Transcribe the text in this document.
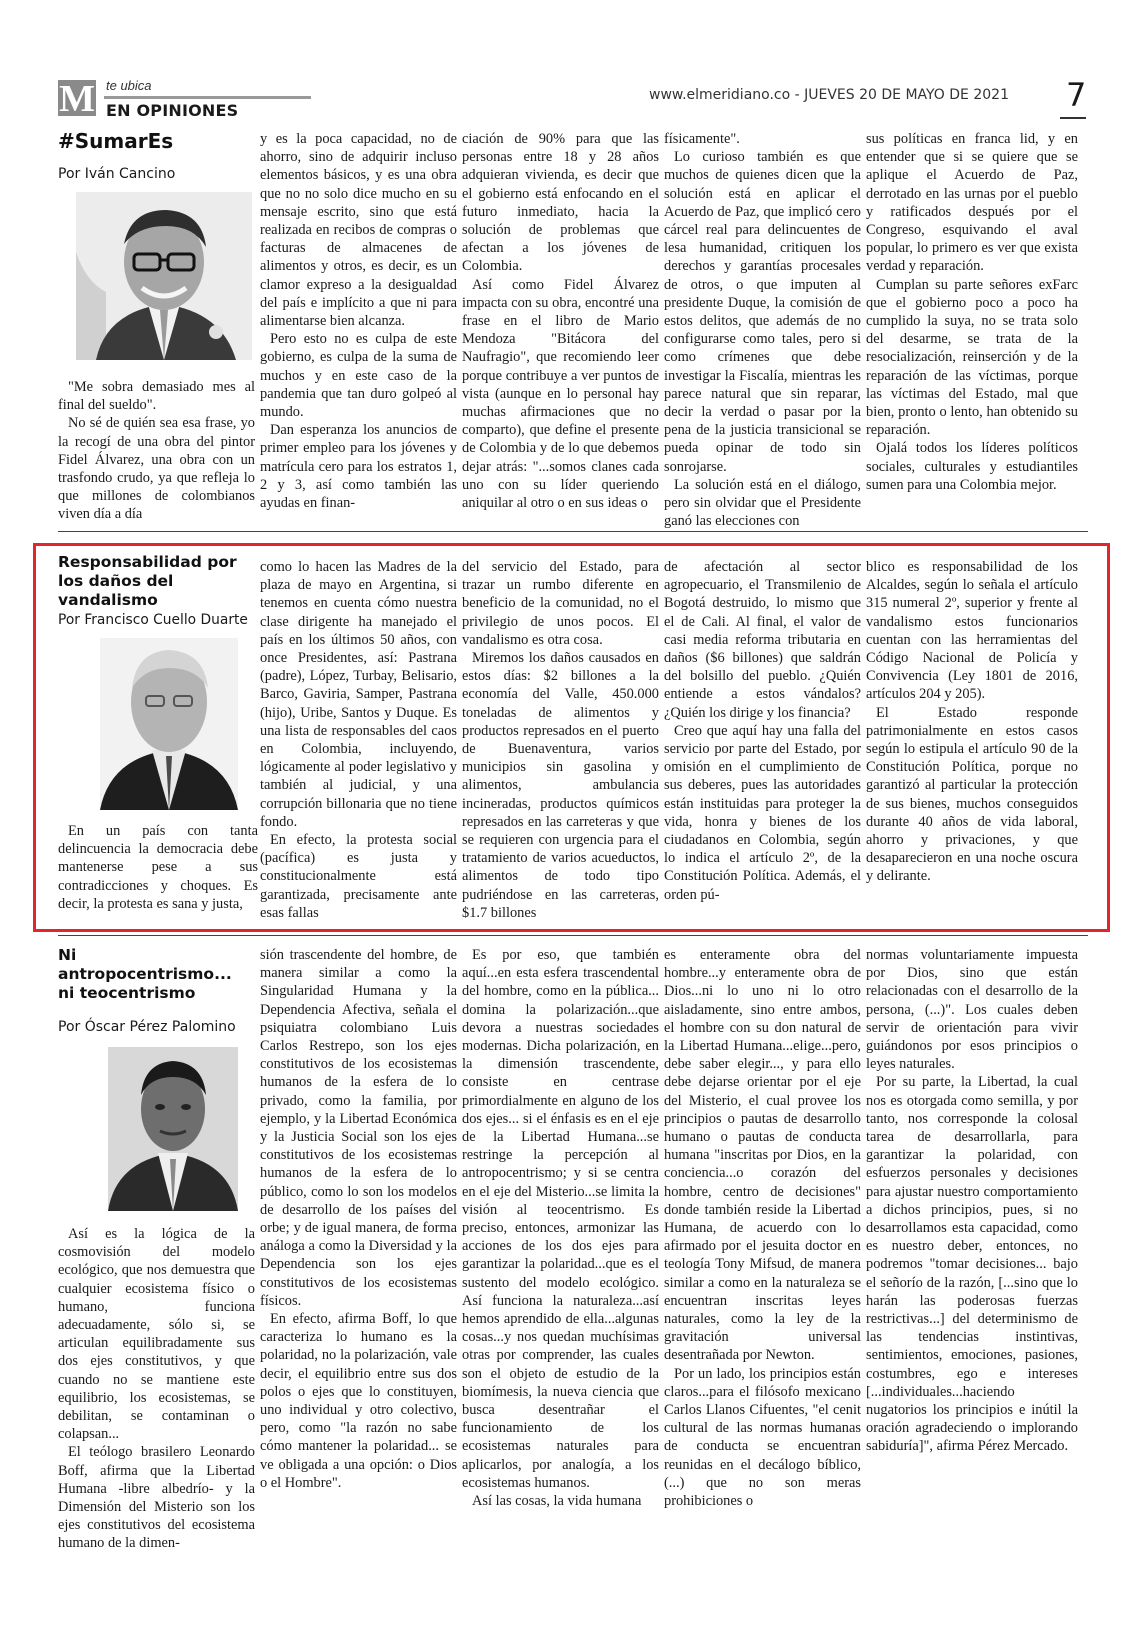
M te ubica
EN OPINIONES
www.elmeridiano.co - JUEVES 20 DE MAYO DE 2021 7
#SumarEs
Por Iván Cancino

"Me sobra demasiado mes al final del sueldo".

No sé de quién sea esa frase, yo la recogí de una obra del pintor Fidel Álvarez, una obra con un trasfondo crudo, ya que refleja lo que millones de colombianos viven día a día

y es la poca capacidad, no de ahorro, sino de adquirir incluso elementos básicos, y es una obra que no no solo dice mucho en su mensaje escrito, sino que está realizada en recibos de compras o facturas de almacenes de alimentos y otros, es decir, es un clamor expreso a la desigualdad del país e implícito a que ni para alimentarse bien alcanza.

Pero esto no es culpa de este gobierno, es culpa de la suma de muchos y en este caso de la pandemia que tan duro golpeó al mundo.

Dan esperanza los anuncios de primer empleo para los jóvenes y matrícula cero para los estratos 1, 2 y 3, así como también las ayudas en finan-

ciación de 90% para que las personas entre 18 y 28 años adquieran vivienda, es decir que el gobierno está enfocando en el futuro inmediato, hacia la solución de problemas que afectan a los jóvenes de Colombia.

Así como Fidel Álvarez impacta con su obra, encontré una frase en el libro de Mario Mendoza "Bitácora del Naufragio", que recomiendo leer porque contribuye a ver puntos de vista (aunque en lo personal hay muchas afirmaciones que no comparto), que define el presente de Colombia y de lo que debemos dejar atrás: "...somos clanes cada uno con su líder queriendo aniquilar al otro o en sus ideas o

físicamente".

Lo curioso también es que muchos de quienes dicen que la solución está en aplicar el Acuerdo de Paz, que implicó cero cárcel real para delincuentes de lesa humanidad, critiquen los derechos y garantías procesales de otros, o que imputen al presidente Duque, la comisión de estos delitos, que además de no configurarse como tales, pero si como crímenes que debe investigar la Fiscalía, mientras les parece natural que sin reparar, decir la verdad o pasar por la pena de la justicia transicional se pueda opinar de todo sin sonrojarse.

La solución está en el diálogo, pero sin olvidar que el Presidente ganó las elecciones con

sus políticas en franca lid, y en entender que si se quiere que se aplique el Acuerdo de Paz, derrotado en las urnas por el pueblo y ratificados después por el Congreso, esquivando el aval popular, lo primero es ver que exista verdad y reparación.

Cumplan su parte señores exFarc que el gobierno poco a poco ha cumplido la suya, no se trata solo del desarme, se trata de la resocialización, reinserción y de la reparación de las víctimas, porque las víctimas del Estado, mal que bien, pronto o lento, han obtenido su reparación.

Ojalá todos los líderes políticos sociales, culturales y estudiantiles sumen para una Colombia mejor.

Responsabilidad por los daños del vandalismo
Por Francisco Cuello Duarte

En un país con tanta delincuencia la democracia debe mantenerse pese a sus contradicciones y choques. Es decir, la protesta es sana y justa,

como lo hacen las Madres de la plaza de mayo en Argentina, si tenemos en cuenta cómo nuestra clase dirigente ha manejado el país en los últimos 50 años, con once Presidentes, así: Pastrana (padre), López, Turbay, Belisario, Barco, Gaviria, Samper, Pastrana (hijo), Uribe, Santos y Duque. Es una lista de responsables del caos en Colombia, incluyendo, lógicamente al poder legislativo y también al judicial, y una corrupción billonaria que no tiene fondo.

En efecto, la protesta social (pacífica) es justa y constitucionalmente está garantizada, precisamente ante esas fallas

del servicio del Estado, para trazar un rumbo diferente en beneficio de la comunidad, no el privilegio de unos pocos. El vandalismo es otra cosa.

Miremos los daños causados en estos días: $2 billones a la economía del Valle, 450.000 toneladas de alimentos y productos represados en el puerto de Buenaventura, varios municipios sin gasolina y alimentos, ambulancia incineradas, productos químicos represados en las carreteras y que se requieren con urgencia para el tratamiento de varios acueductos, alimentos de todo tipo pudriéndose en las carreteras, $1.7 billones

de afectación al sector agropecuario, el Transmilenio de Bogotá destruido, lo mismo que el de Cali. Al final, el valor de casi media reforma tributaria en daños ($6 billones) que saldrán del bolsillo del pueblo. ¿Quién entiende a estos vándalos? ¿Quién los dirige y los financia?

Creo que aquí hay una falla del servicio por parte del Estado, por omisión en el cumplimiento de sus deberes, pues las autoridades están instituidas para proteger la vida, honra y bienes de los ciudadanos en Colombia, según lo indica el artículo 2º, de la Constitución Política. Además, el orden pú-

blico es responsabilidad de los Alcaldes, según lo señala el artículo 315 numeral 2º, superior y frente al vandalismo estos funcionarios cuentan con las herramientas del Código Nacional de Policía y Convivencia (Ley 1801 de 2016, artículos 204 y 205).

El Estado responde patrimonialmente en estos casos según lo estipula el artículo 90 de la Constitución Política, porque no garantizó al particular la protección de sus bienes, muchos conseguidos durante 40 años de vida laboral, ahorro y privaciones, y que desaparecieron en una noche oscura y delirante.

Ni antropocentrismo... ni teocentrismo
Por Óscar Pérez Palomino

Así es la lógica de la cosmovisión del modelo ecológico, que nos demuestra que cualquier ecosistema físico o humano, funciona adecuadamente, sólo si, se articulan equilibradamente sus dos ejes constitutivos, y que cuando no se mantiene este equilibrio, los ecosistemas, se debilitan, se contaminan o colapsan...

El teólogo brasilero Leonardo Boff, afirma que la Libertad Humana -libre albedrío- y la Dimensión del Misterio son los ejes constitutivos del ecosistema humano de la dimen-

sión trascendente del hombre, de manera similar a como la Singularidad Humana y la Dependencia Afectiva, señala el psiquiatra colombiano Luis Carlos Restrepo, son los ejes constitutivos de los ecosistemas humanos de la esfera de lo privado, como la familia, por ejemplo, y la Libertad Económica y la Justicia Social son los ejes constitutivos de los ecosistemas humanos de la esfera de lo público, como lo son los modelos de desarrollo de los países del orbe; y de igual manera, de forma análoga a como la Diversidad y la Dependencia son los ejes constitutivos de los ecosistemas físicos.

En efecto, afirma Boff, lo que caracteriza lo humano es la polaridad, no la polarización, vale decir, el equilibrio entre sus dos polos o ejes que lo constituyen, uno individual y otro colectivo, pero, como "la razón no sabe cómo mantener la polaridad... se ve obligada a una opción: o Dios o el Hombre".

Es por eso, que también aquí...en esta esfera trascendental del hombre, como en la pública... domina la polarización...que devora a nuestras sociedades modernas. Dicha polarización, en la dimensión trascendente, consiste en centrase primordialmente en alguno de los dos ejes... si el énfasis es en el eje de la Libertad Humana...se restringe la percepción al antropocentrismo; y si se centra en el eje del Misterio...se limita la visión al teocentrismo. Es preciso, entonces, armonizar las acciones de los dos ejes para garantizar la polaridad...que es el sustento del modelo ecológico. Así funciona la naturaleza...así hemos aprendido de ella...algunas cosas...y nos quedan muchísimas otras por comprender, las cuales son el objeto de estudio de la biomímesis, la nueva ciencia que busca desentrañar el funcionamiento de los ecosistemas naturales para aplicarlos, por analogía, a los ecosistemas humanos.

Así las cosas, la vida humana

es enteramente obra del hombre...y enteramente obra de Dios...ni lo uno ni lo otro aisladamente, sino entre ambos, el hombre con su don natural de la Libertad Humana...elige...pero, debe saber elegir..., y para ello debe dejarse orientar por el eje del Misterio, el cual provee los principios o pautas de desarrollo humano o pautas de conducta humana "inscritas por Dios, en la conciencia...o corazón del hombre, centro de decisiones" donde también reside la Libertad Humana, de acuerdo con lo afirmado por el jesuita doctor en teología Tony Mifsud, de manera similar a como en la naturaleza se encuentran inscritas leyes naturales, como la ley de la gravitación universal desentrañada por Newton.

Por un lado, los principios están claros...para el filósofo mexicano Carlos Llanos Cifuentes, "el cenit cultural de las normas humanas de conducta se encuentran reunidas en el decálogo bíblico, (...) que no son meras prohibiciones o

normas voluntariamente impuesta por Dios, sino que están relacionadas con el desarrollo de la persona, (...)". Los cuales deben servir de orientación para vivir guiándonos por esos principios o leyes naturales.

Por su parte, la Libertad, la cual nos es otorgada como semilla, y por tanto, nos corresponde la colosal tarea de desarrollarla, para garantizar la polaridad, con esfuerzos personales y decisiones para ajustar nuestro comportamiento a dichos principios, pues, si no desarrollamos esta capacidad, como es nuestro deber, entonces, no podremos "tomar decisiones... bajo el señorío de la razón, [...sino que lo harán las poderosas fuerzas restrictivas...] del determinismo de las tendencias instintivas, sentimientos, emociones, pasiones, costumbres, ego e intereses [...individuales...haciendo nugatorios los principios e inútil la oración agradeciendo o implorando sabiduría]", afirma Pérez Mercado.
